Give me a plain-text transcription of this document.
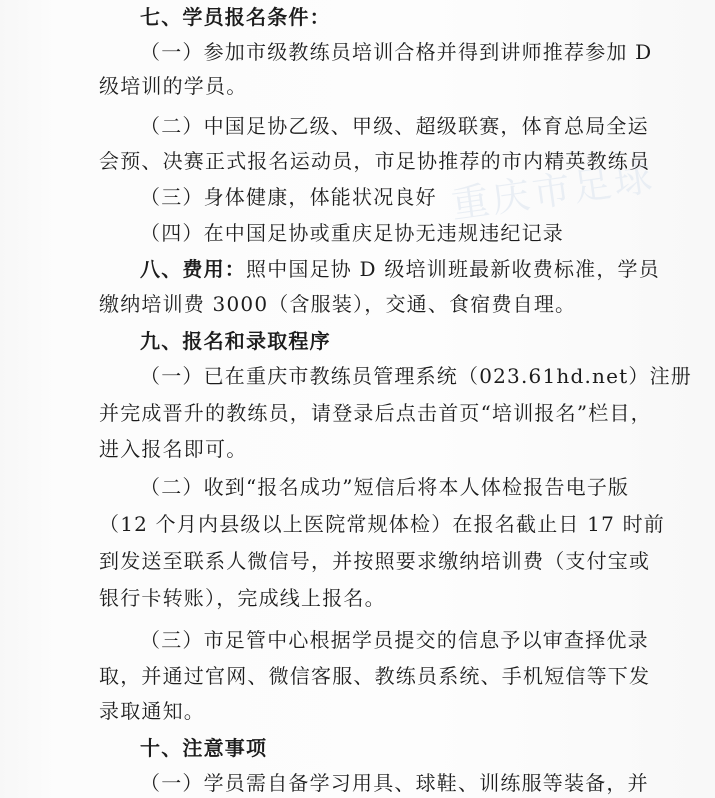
重庆市足球
七、学员报名条件：
（一）参加市级教练员培训合格并得到讲师推荐参加 D
级培训的学员。
（二）中国足协乙级、甲级、超级联赛，体育总局全运
会预、决赛正式报名运动员，市足协推荐的市内精英教练员
（三）身体健康，体能状况良好
（四）在中国足协或重庆足协无违规违纪记录
八、费用：照中国足协 D 级培训班最新收费标准，学员
缴纳培训费 3000（含服装），交通、食宿费自理。
九、报名和录取程序
（一）已在重庆市教练员管理系统（023.61hd.net）注册
并完成晋升的教练员，请登录后点击首页“培训报名”栏目，
进入报名即可。
（二）收到“报名成功”短信后将本人体检报告电子版
（12 个月内县级以上医院常规体检）在报名截止日 17 时前
到发送至联系人微信号，并按照要求缴纳培训费（支付宝或
银行卡转账），完成线上报名。
（三）市足管中心根据学员提交的信息予以审查择优录
取，并通过官网、微信客服、教练员系统、手机短信等下发
录取通知。
十、注意事项
（一）学员需自备学习用具、球鞋、训练服等装备，并
